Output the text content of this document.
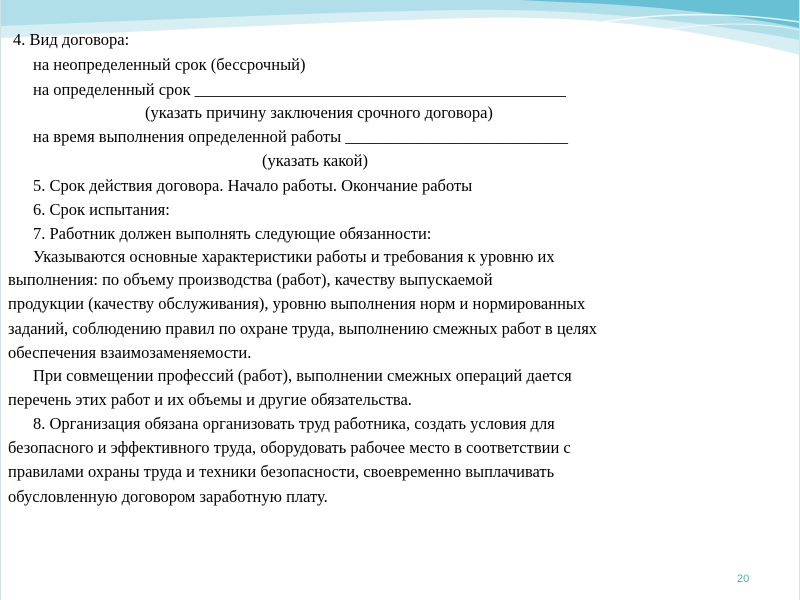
4. Вид договора:
на неопределенный срок (бессрочный)
на определенный срок _____________________________________________
(указать причину заключения срочного договора)
на время выполнения определенной работы ___________________________
(указать какой)
5. Срок действия договора. Начало работы. Окончание работы
6. Срок испытания:
7. Работник должен выполнять следующие обязанности:
Указываются основные характеристики работы и требования к уровню их
выполнения: по объему производства (работ), качеству выпускаемой
продукции (качеству обслуживания), уровню выполнения норм и нормированных
заданий, соблюдению правил по охране труда, выполнению смежных работ в целях
обеспечения взаимозаменяемости.
При совмещении профессий (работ), выполнении смежных операций дается
перечень этих работ и их объемы и другие обязательства.
8. Организация обязана организовать труд работника, создать условия для
безопасного и эффективного труда, оборудовать рабочее место в соответствии с
правилами охраны труда и техники безопасности, своевременно выплачивать
обусловленную договором заработную плату.
20
